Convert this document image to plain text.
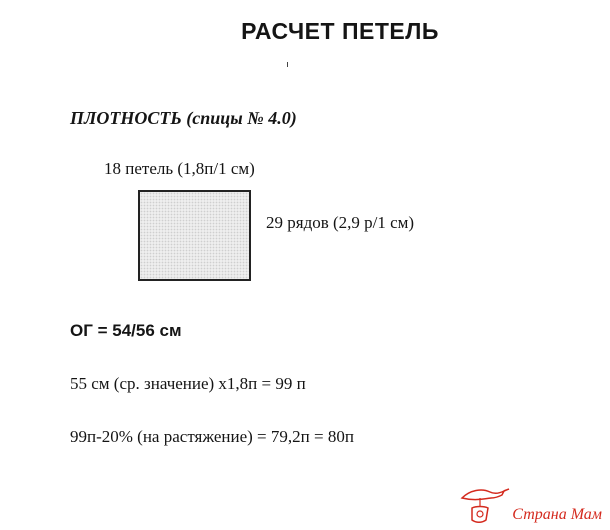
РАСЧЕТ ПЕТЕЛЬ
ПЛОТНОСТЬ (спицы № 4.0)
18 петель (1,8п/1 см)
29 рядов (2,9 р/1 см)
ОГ = 54/56 см
55 см (ср. значение) х1,8п = 99 п
99п-20% (на растяжение) = 79,2п = 80п
Страна Мам
